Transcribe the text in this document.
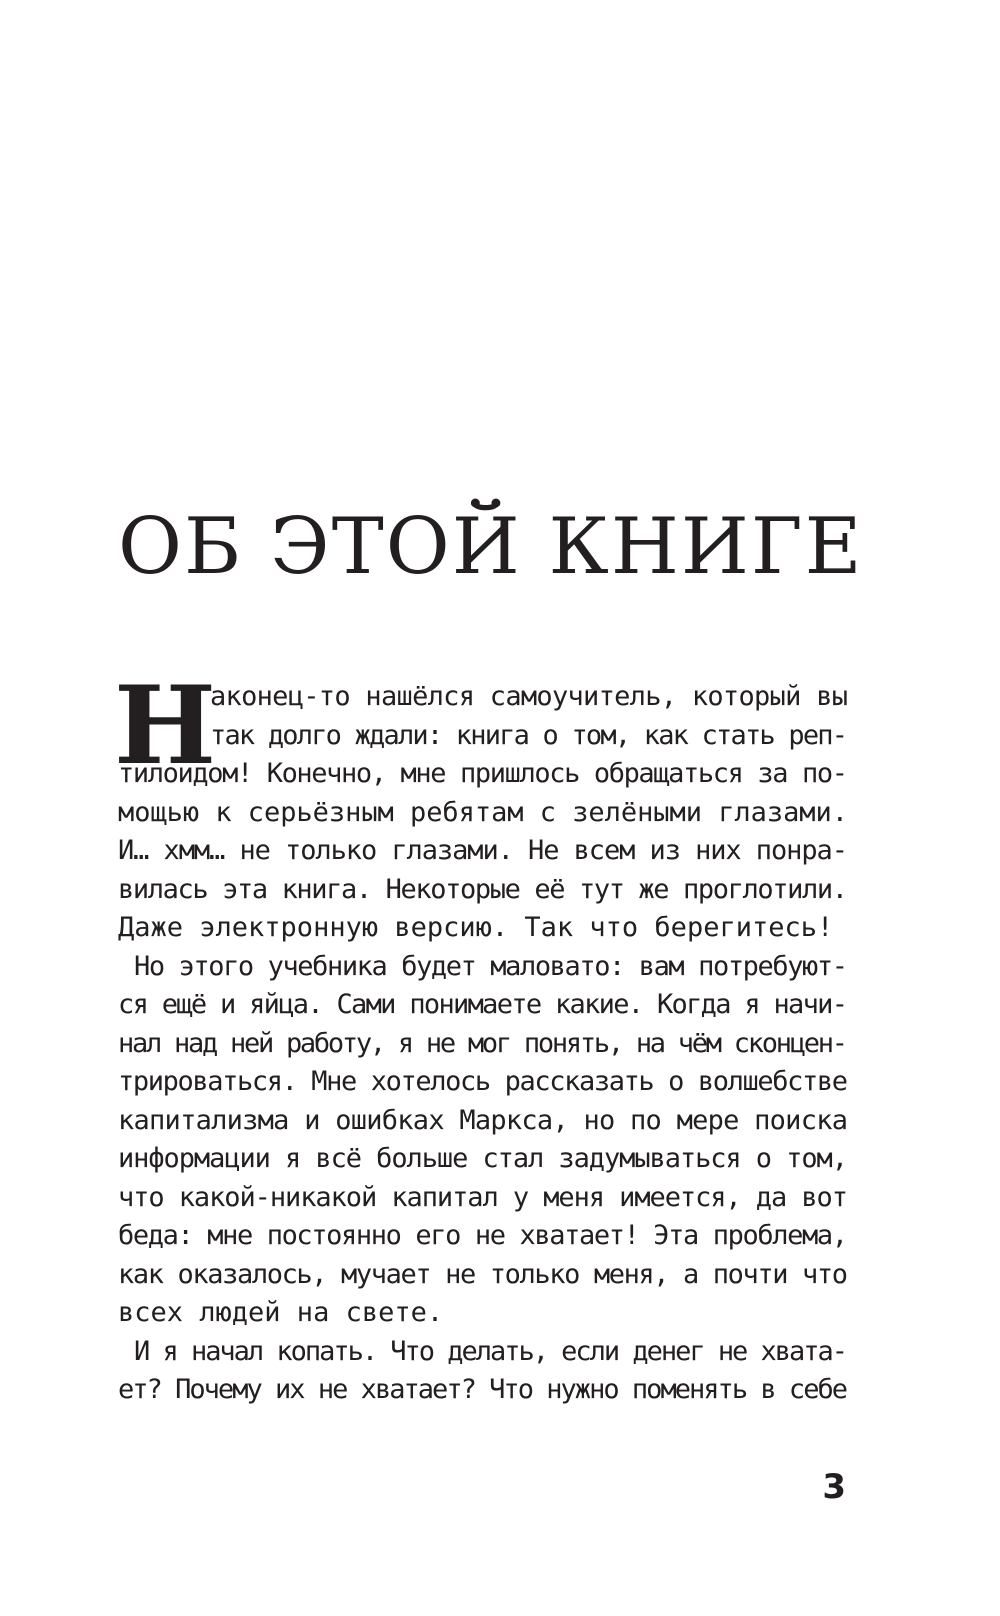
ОБ ЭТОЙ КНИГЕ
Н
аконец-то нашёлся самоучитель, который вы
так долго ждали: книга о том, как стать реп-
тилоидом! Конечно, мне пришлось обращаться за по-
мощью к серьёзным ребятам с зелёными глазами.
И… хмм… не только глазами. Не всем из них понра-
вилась эта книга. Некоторые её тут же проглотили.
Даже электронную версию. Так что берегитесь!
Но этого учебника будет маловато: вам потребуют-
ся ещё и яйца. Сами понимаете какие. Когда я начи-
нал над ней работу, я не мог понять, на чём сконцен-
трироваться. Мне хотелось рассказать о волшебстве
капитализма и ошибках Маркса, но по мере поиска
информации я всё больше стал задумываться о том,
что какой-никакой капитал у меня имеется, да вот
беда: мне постоянно его не хватает! Эта проблема,
как оказалось, мучает не только меня, а почти что
всех людей на свете.
И я начал копать. Что делать, если денег не хвата-
ет? Почему их не хватает? Что нужно поменять в себе
3
